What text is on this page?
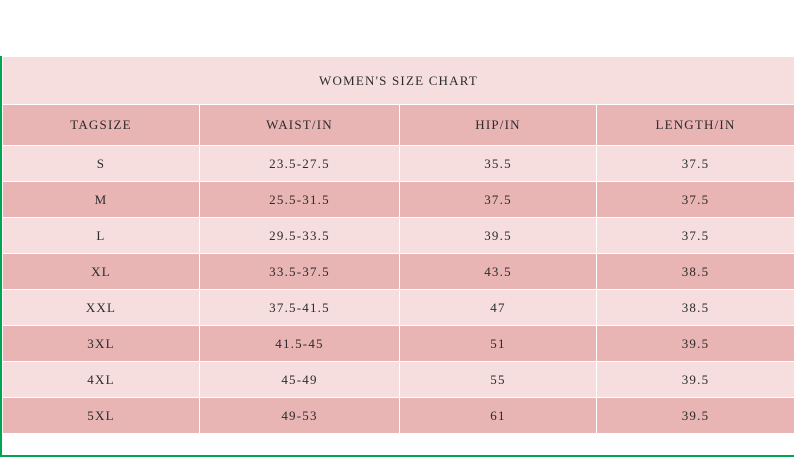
WOMEN'S SIZE CHART			
TAGSIZE	WAIST/IN	HIP/IN	LENGTH/IN
S	23.5-27.5	35.5	37.5
M	25.5-31.5	37.5	37.5
L	29.5-33.5	39.5	37.5
XL	33.5-37.5	43.5	38.5
XXL	37.5-41.5	47	38.5
3XL	41.5-45	51	39.5
4XL	45-49	55	39.5
5XL	49-53	61	39.5
